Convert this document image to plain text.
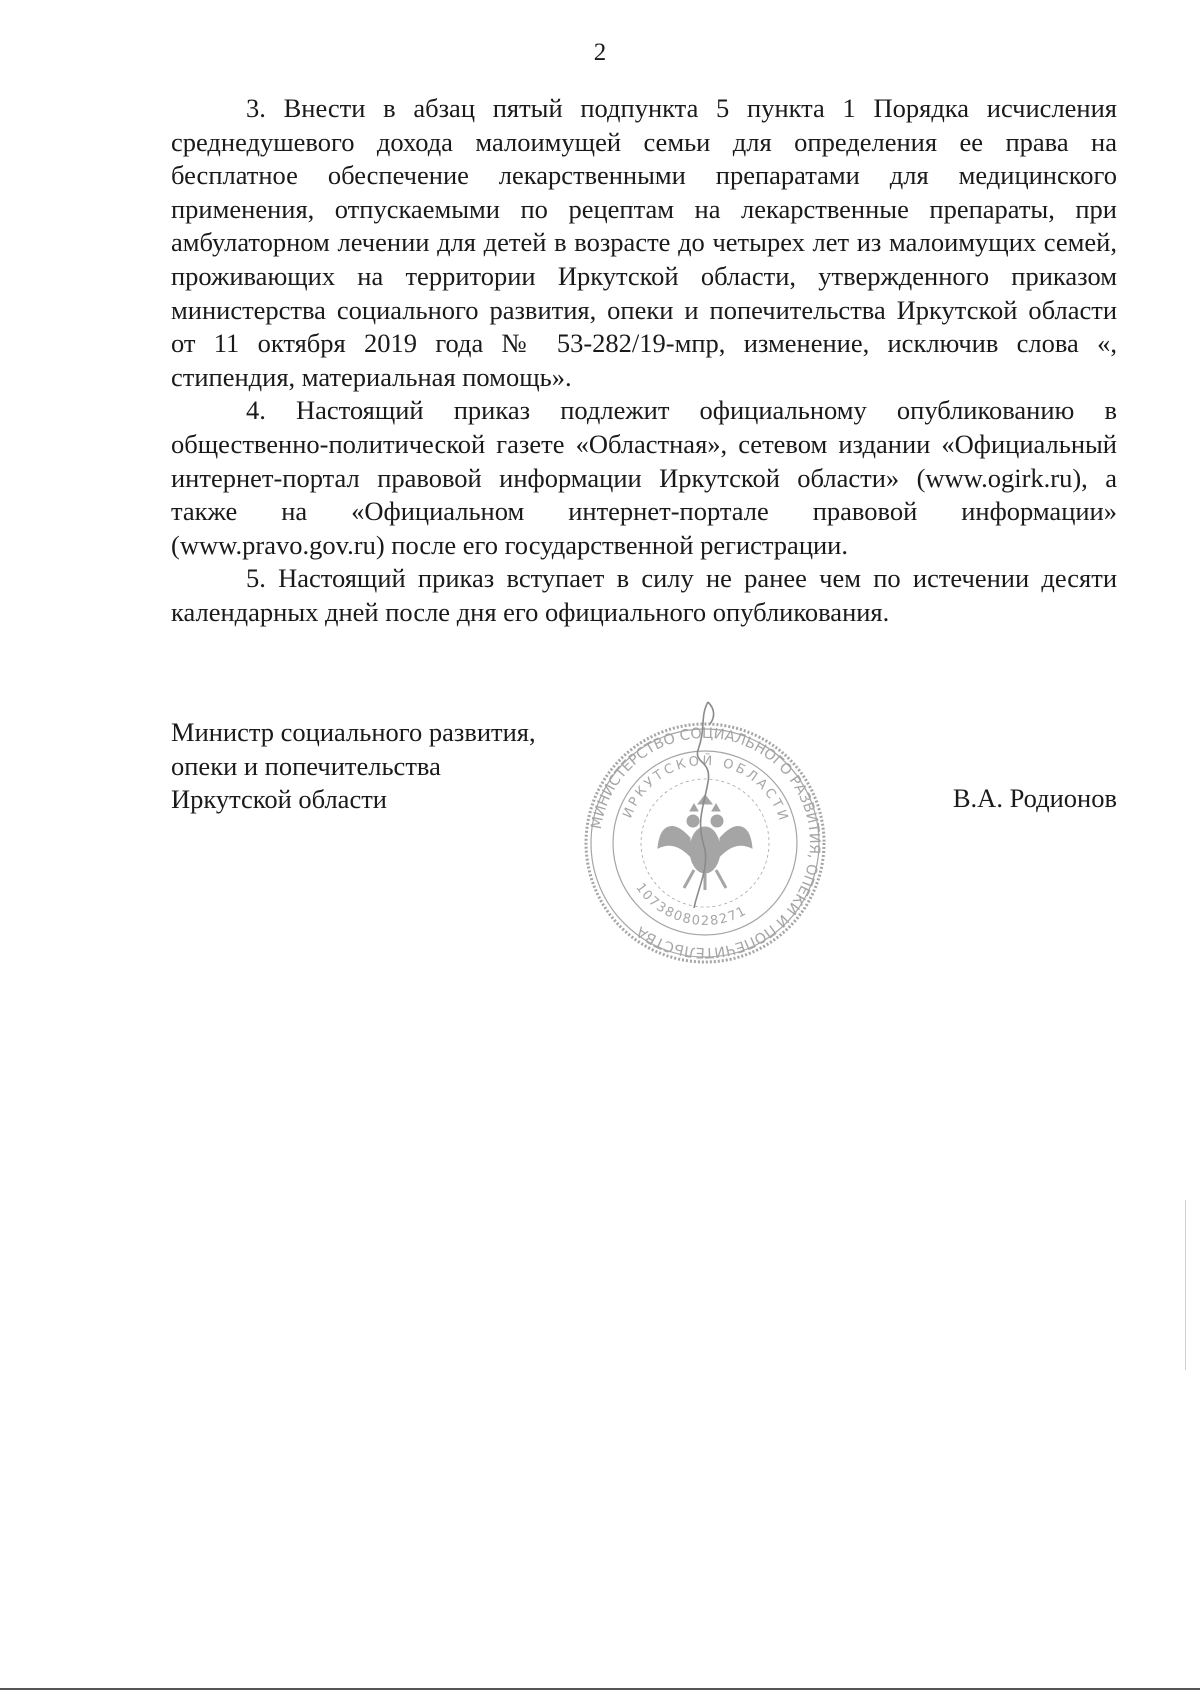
2

3. Внести в абзац пятый подпункта 5 пункта 1 Порядка исчисления среднедушевого дохода малоимущей семьи для определения ее права на бесплатное обеспечение лекарственными препаратами для медицинского применения, отпускаемыми по рецептам на лекарственные препараты, при амбулаторном лечении для детей в возрасте до четырех лет из малоимущих семей, проживающих на территории Иркутской области, утвержденного приказом министерства социального развития, опеки и попечительства Иркутской области от 11 октября 2019 года № 53-282/19-мпр, изменение, исключив слова «, стипендия, материальная помощь».

4. Настоящий приказ подлежит официальному опубликованию в общественно-политической газете «Областная», сетевом издании «Официальный интернет-портал правовой информации Иркутской области» (www.ogirk.ru), а также на «Официальном интернет-портале правовой информации» (www.pravo.gov.ru) после его государственной регистрации.

5. Настоящий приказ вступает в силу не ранее чем по истечении десяти календарных дней после дня его официального опубликования.

Министр социального развития,
опеки и попечительства
Иркутской области	В.А. Родионов
МИНИСТЕРСТВО СОЦИАЛЬНОГО РАЗВИТИЯ, ОПЕКИ И ПОПЕЧИТЕЛЬСТВА
ИРКУТСКОЙ ОБЛАСТИ
1073808028271
